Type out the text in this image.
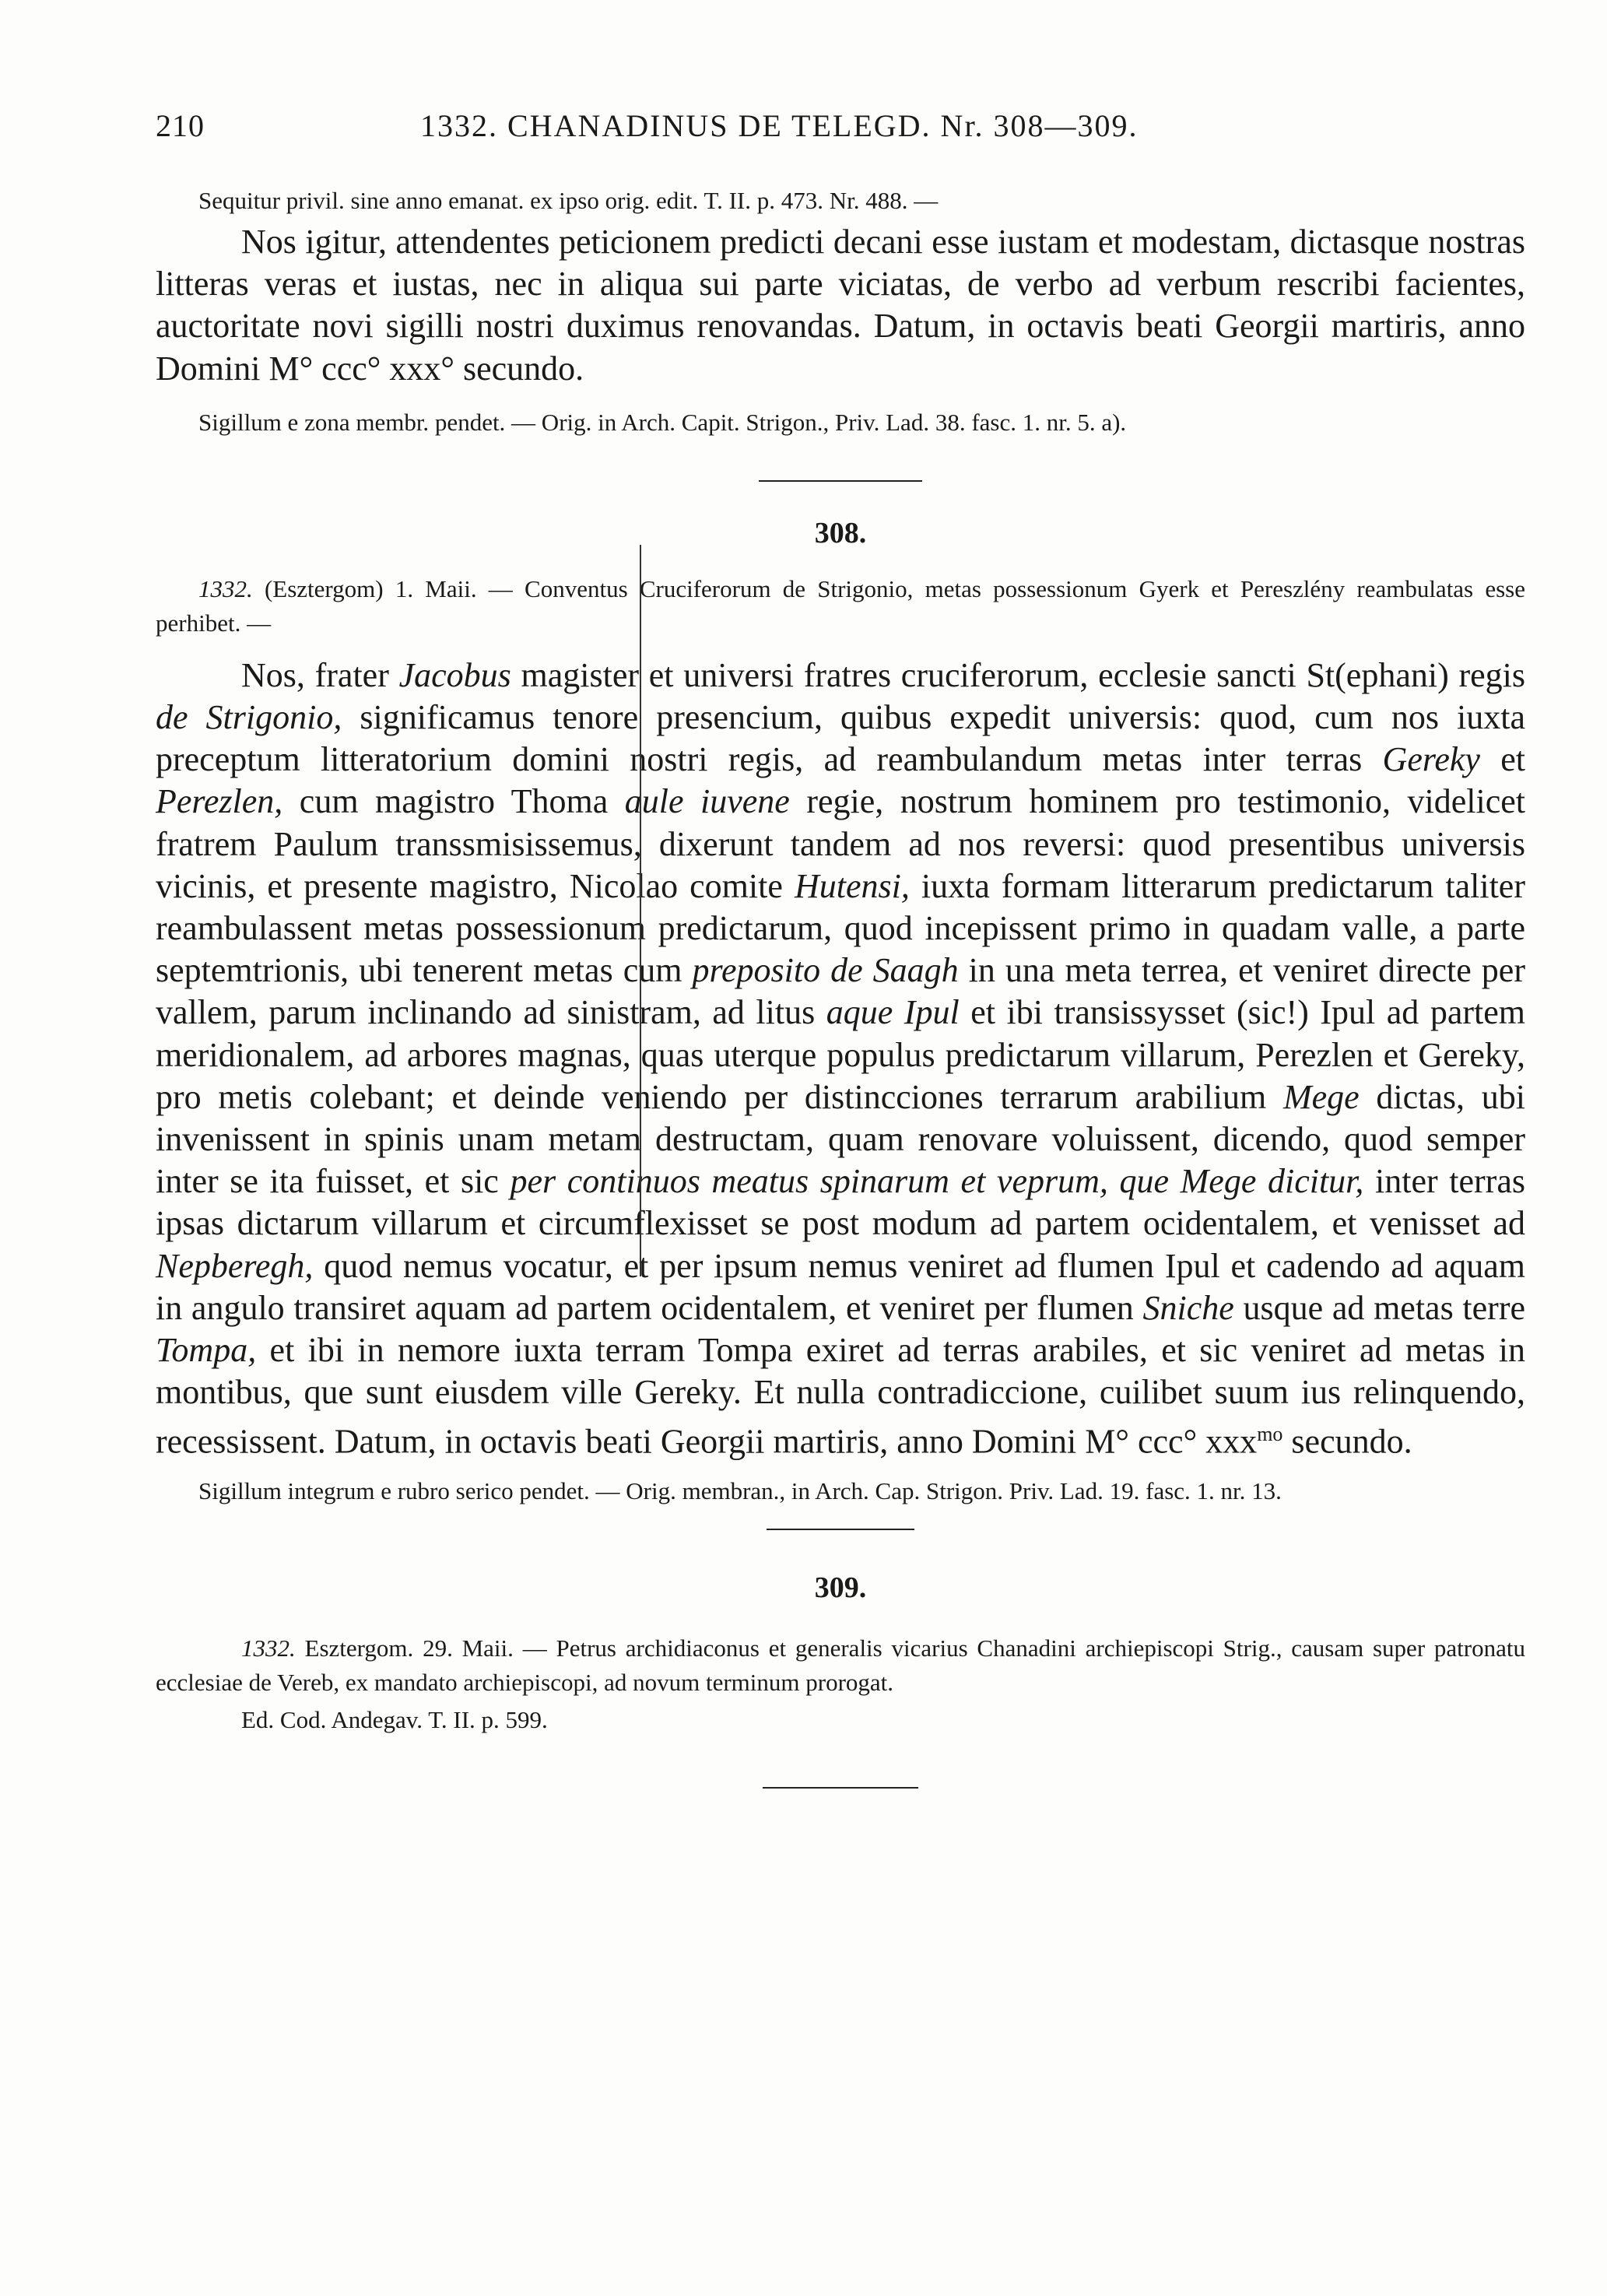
210	1332. CHANADINUS DE TELEGD. Nr. 308—309.

Sequitur privil. sine anno emanat. ex ipso orig. edit. T. II. p. 473. Nr. 488. —

Nos igitur, attendentes peticionem predicti decani esse iustam et modestam, dictasque nostras litteras veras et iustas, nec in aliqua sui parte viciatas, de verbo ad verbum rescribi facientes, auctoritate novi sigilli nostri duximus renovandas. Datum, in octavis beati Georgii martiris, anno Domini M° ccc° xxx° secundo.

Sigillum e zona membr. pendet. — Orig. in Arch. Capit. Strigon., Priv. Lad. 38. fasc. 1. nr. 5. a).

308.

1332. (Esztergom) 1. Maii. — Conventus Cruciferorum de Strigonio, metas possessionum Gyerk et Pereszlény reambulatas esse perhibet. —

Nos, frater Jacobus magister et universi fratres cruciferorum, ecclesie sancti St(ephani) regis de Strigonio, significamus tenore presencium, quibus expedit universis: quod, cum nos iuxta preceptum litteratorium domini nostri regis, ad reambulandum metas inter terras Gereky et Perezlen, cum magistro Thoma aule iuvene regie, nostrum hominem pro testimonio, videlicet fratrem Paulum transsmisissemus, dixerunt tandem ad nos reversi: quod presentibus universis vicinis, et presente magistro, Nicolao comite Hutensi, iuxta formam litterarum predictarum taliter reambulassent metas possessionum predictarum, quod incepissent primo in quadam valle, a parte septemtrionis, ubi tenerent metas cum preposito de Saagh in una meta terrea, et veniret directe per vallem, parum inclinando ad sinistram, ad litus aque Ipul et ibi transissysset (sic!) Ipul ad partem meridionalem, ad arbores magnas, quas uterque populus predictarum villarum, Perezlen et Gereky, pro metis colebant; et deinde veniendo per distincciones terrarum arabilium Mege dictas, ubi invenissent in spinis unam metam destructam, quam renovare voluissent, dicendo, quod semper inter se ita fuisset, et sic per continuos meatus spinarum et veprum, que Mege dicitur, inter terras ipsas dictarum villarum et circumflexisset se post modum ad partem ocidentalem, et venisset ad Nepberegh, quod nemus vocatur, et per ipsum nemus veniret ad flumen Ipul et cadendo ad aquam in angulo transiret aquam ad partem ocidentalem, et veniret per flumen Sniche usque ad metas terre Tompa, et ibi in nemore iuxta terram Tompa exiret ad terras arabiles, et sic veniret ad metas in montibus, que sunt eiusdem ville Gereky. Et nulla contradiccione, cuilibet suum ius relinquendo, recessissent. Datum, in octavis beati Georgii martiris, anno Domini M° ccc° xxx$^{mo}$ secundo.

Sigillum integrum e rubro serico pendet. — Orig. membran., in Arch. Cap. Strigon. Priv. Lad. 19. fasc. 1. nr. 13.

309.

1332. Esztergom. 29. Maii. — Petrus archidiaconus et generalis vicarius Chanadini archiepiscopi Strig., causam super patronatu ecclesiae de Vereb, ex mandato archiepiscopi, ad novum terminum prorogat.

Ed. Cod. Andegav. T. II. p. 599.
